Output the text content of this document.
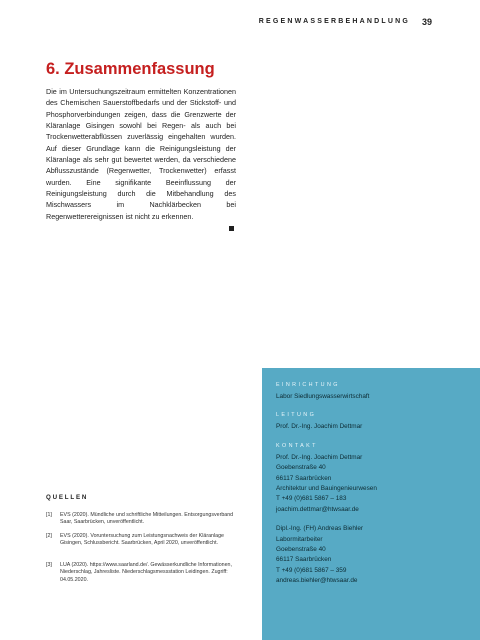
REGENWASSERBEHANDLUNG 39
6. Zusammenfassung

Die im Untersuchungszeitraum ermittelten Konzentrationen des Chemischen Sauerstoffbedarfs und der Stickstoff- und Phosphorverbindungen zeigen, dass die Grenzwerte der Kläranlage Gisingen sowohl bei Regen- als auch bei Trockenwetterabflüssen zuverlässig eingehalten wurden. Auf dieser Grundlage kann die Reinigungsleistung der Kläranlage als sehr gut bewertet werden, da verschiedene Abflusszustände (Regenwetter, Trockenwetter) erfasst wurden. Eine signifikante Beeinflussung der Reinigungsleistung durch die Mitbehandlung des Mischwassers im Nachklärbecken bei Regenwetterereignissen ist nicht zu erkennen.

QUELLEN
[1] EVS (2020). Mündliche und schriftliche Mitteilungen. Entsorgungsverband Saar, Saarbrücken, unveröffentlicht.
[2] EVS (2020). Voruntersuchung zum Leistungsnachweis der Kläranlage Gisingen, Schlussbericht. Saarbrücken, April 2020, unveröffentlicht.
[3] LUA (2020). https://www.saarland.de/. Gewässerkundliche Informationen, Niederschlag, Jahresliste. Niederschlagsmessstation Leidingen. Zugriff: 04.05.2020.
EINRICHTUNG
Labor Siedlungswasserwirtschaft
LEITUNG
Prof. Dr.-Ing. Joachim Dettmar
KONTAKT
Prof. Dr.-Ing. Joachim Dettmar
Goebenstraße 40
66117 Saarbrücken
Architektur und Bauingenieurwesen
T +49 (0)681 5867 – 183
joachim.dettmar@htwsaar.de
Dipl.-Ing. (FH) Andreas Biehler
Labormitarbeiter
Goebenstraße 40
66117 Saarbrücken
T +49 (0)681 5867 – 359
andreas.biehler@htwsaar.de
